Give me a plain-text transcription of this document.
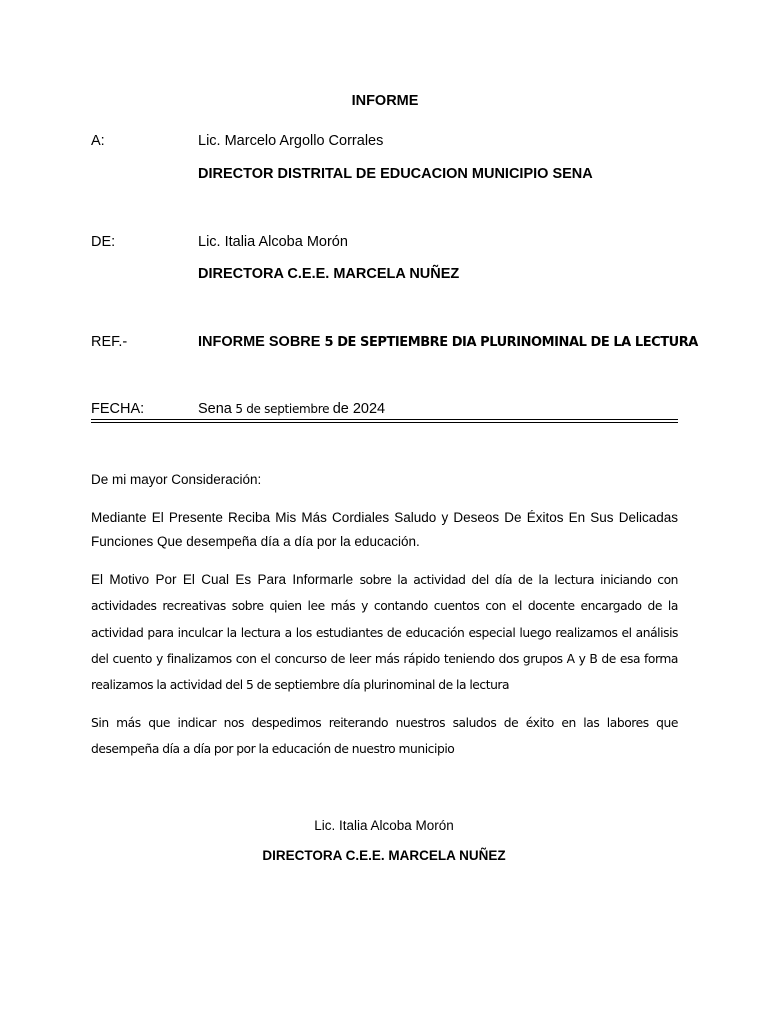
INFORME
A:	Lic. Marcelo Argollo Corrales
DIRECTOR DISTRITAL DE EDUCACION MUNICIPIO SENA
DE:	Lic. Italia Alcoba Morón
DIRECTORA C.E.E. MARCELA NUÑEZ
REF.-	INFORME SOBRE 5 DE SEPTIEMBRE DIA PLURINOMINAL DE LA LECTURA
FECHA:	Sena 5 de septiembre de 2024

De mi mayor Consideración:

Mediante El Presente Reciba Mis Más Cordiales Saludo y Deseos De Éxitos En Sus Delicadas Funciones Que desempeña día a día por la educación.

El Motivo Por El Cual Es Para Informarle sobre la actividad del día de la lectura iniciando con actividades recreativas sobre quien lee más y contando cuentos con el docente encargado de la actividad para inculcar la lectura a los estudiantes de educación especial luego realizamos el análisis del cuento y finalizamos con el concurso de leer más rápido teniendo dos grupos A y B de esa forma realizamos la actividad del 5 de septiembre día plurinominal de la lectura

Sin más que indicar nos despedimos reiterando nuestros saludos de éxito en las labores que desempeña día a día por por la educación de nuestro municipio

Lic. Italia Alcoba Morón
DIRECTORA C.E.E. MARCELA NUÑEZ
